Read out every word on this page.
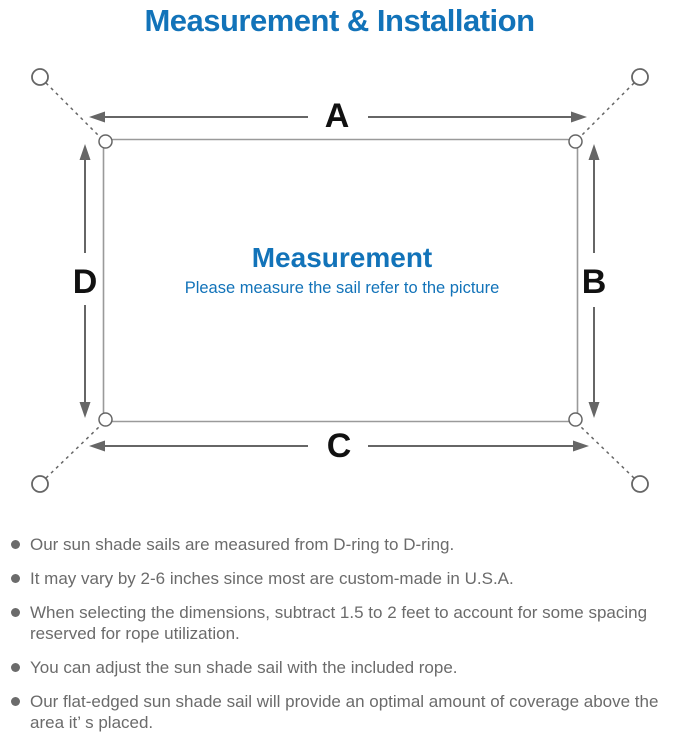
Measurement & Installation
A
C
D	B
Measurement
Please measure the sail refer to the picture
Our sun shade sails are measured from D-ring to D-ring.
It may vary by 2-6 inches since most are custom-made in U.S.A.
When selecting the dimensions, subtract 1.5 to 2 feet to account for some spacing reserved for rope utilization.
You can adjust the sun shade sail with the included rope.
Our flat-edged sun shade sail will provide an optimal amount of coverage above the area it’ s placed.
